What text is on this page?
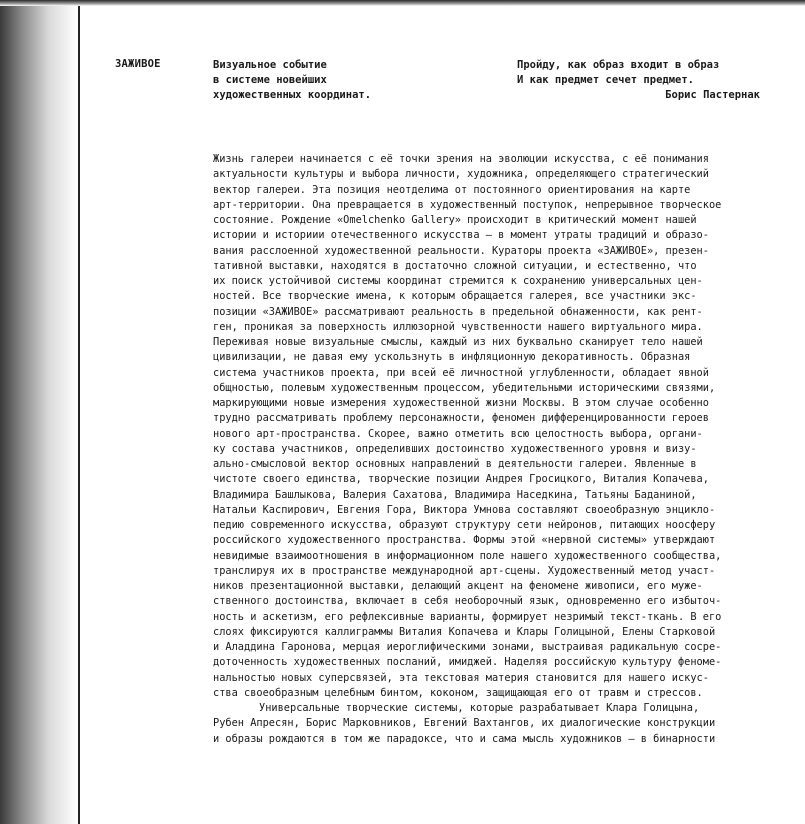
ЗАЖИВОЕ	Визуальное событие
в системе новейших
художественных координат.
Пройду, как образ входит в образ
И как предмет сечет предмет.
Борис Пастернак
Жизнь галереи начинается с её точки зрения на эволюции искусства, с её понимания
актуальности культуры и выбора личности, художника, определяющего стратегический
вектор галереи. Эта позиция неотделима от постоянного ориентирования на карте
арт-территории. Она превращается в художественный поступок, непрерывное творческое
состояние. Рождение «Omelchenko Gallery» происходит в критический момент нашей
истории и историии отечественного искусства — в момент утраты традиций и образо-
вания расслоенной художественной реальности. Кураторы проекта «ЗАЖИВОЕ», презен-
тативной выставки, находятся в достаточно сложной ситуации, и естественно, что
их поиск устойчивой системы координат стремится к сохранению универсальных цен-
ностей. Все творческие имена, к которым обращается галерея, все участники экс-
позиции «ЗАЖИВОЕ» рассматривают реальность в предельной обнаженности, как рент-
ген, проникая за поверхность иллюзорной чувственности нашего виртуального мира.
Переживая новые визуальные смыслы, каждый из них буквально сканирует тело нашей
цивилизации, не давая ему ускользнуть в инфляционную декоративность. Образная
система участников проекта, при всей её личностной углубленности, обладает явной
общностью, полевым художественным процессом, убедительными историческими связями,
маркирующими новые измерения художественной жизни Москвы. В этом случае особенно
трудно рассматривать проблему персонажности, феномен дифференцированности героев
нового арт-пространства. Скорее, важно отметить всю целостность выбора, органи-
ку состава участников, определивших достоинство художественного уровня и визу-
ально-смысловой вектор основных направлений в деятельности галереи. Явленные в
чистоте своего единства, творческие позиции Андрея Гросицкого, Виталия Копачева,
Владимира Башлыкова, Валерия Сахатова, Владимира Наседкина, Татьяны Баданиной,
Натальи Каспирович, Евгения Гора, Виктора Умнова составляют своеобразную энцикло-
педию современного искусства, образуют структуру сети нейронов, питающих ноосферу
российского художественного пространства. Формы этой «нервной системы» утверждают
невидимые взаимоотношения в информационном поле нашего художественного сообщества,
транслируя их в пространстве международной арт-сцены. Художественный метод участ-
ников презентационной выставки, делающий акцент на феномене живописи, его муже-
ственного достоинства, включает в себя необорочный язык, одновременно его избыточ-
ность и аскетизм, его рефлексивные варианты, формирует незримый текст-ткань. В его
слоях фиксируются каллиграммы Виталия Копачева и Клары Голицыной, Елены Старковой
и Аладдина Гаронова, мерцая иероглифическими зонами, выстраивая радикальную сосре-
доточенность художественных посланий, имиджей. Наделяя российскую культуру феноме-
нальностью новых суперсвязей, эта текстовая материя становится для нашего искус-
ства своеобразным целебным бинтом, коконом, защищающая его от травм и стрессов.
Универсальные творческие системы, которые разрабатывает Клара Голицына,
Рубен Апресян, Борис Марковников, Евгений Вахтангов, их диалогические конструкции
и образы рождаются в том же парадоксе, что и сама мысль художников — в бинарности
